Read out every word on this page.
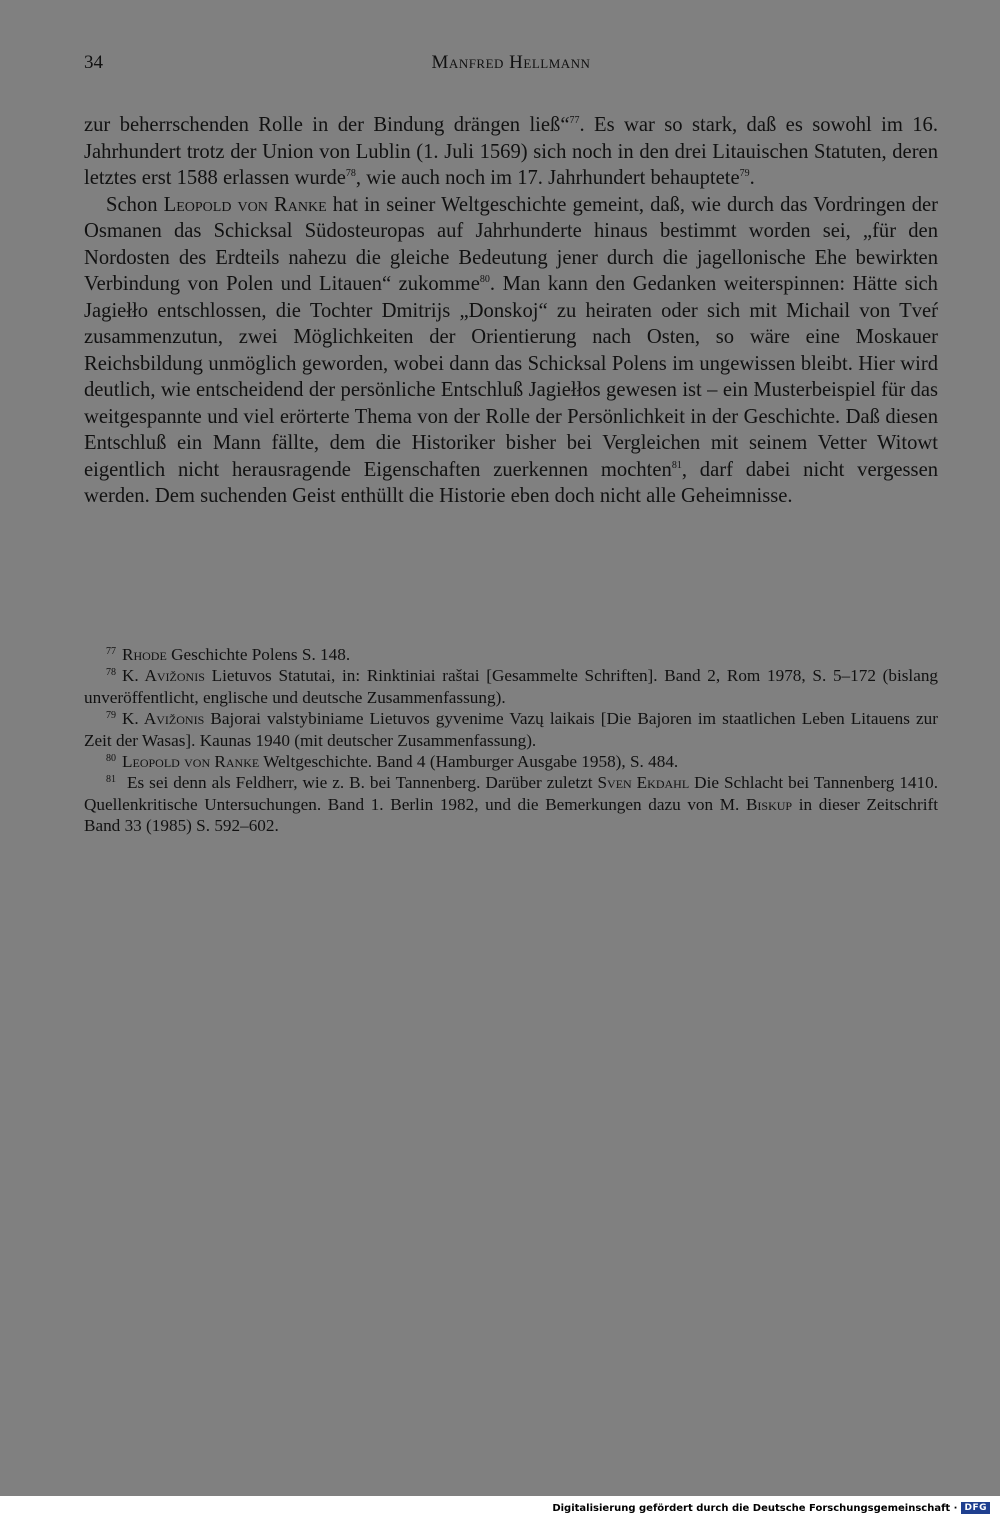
34	Manfred Hellmann

zur beherrschenden Rolle in der Bindung drängen ließ“$^{77}$. Es war so stark, daß es sowohl im 16. Jahrhundert trotz der Union von Lublin (1. Juli 1569) sich noch in den drei Litauischen Statuten, deren letztes erst 1588 erlassen wurde$^{78}$, wie auch noch im 17. Jahrhundert behauptete$^{79}$.

Schon Leopold von Ranke hat in seiner Weltgeschichte gemeint, daß, wie durch das Vordringen der Osmanen das Schicksal Südosteuropas auf Jahrhunderte hinaus bestimmt worden sei, „für den Nordosten des Erdteils nahezu die gleiche Bedeutung jener durch die jagellonische Ehe bewirkten Verbindung von Polen und Litauen“ zukomme$^{80}$. Man kann den Gedanken weiterspinnen: Hätte sich Jagiełło entschlossen, die Tochter Dmitrijs „Donskoj“ zu heiraten oder sich mit Michail von Tveŕ zusammenzutun, zwei Möglichkeiten der Orientierung nach Osten, so wäre eine Moskauer Reichsbildung unmöglich geworden, wobei dann das Schicksal Polens im ungewissen bleibt. Hier wird deutlich, wie entscheidend der persönliche Entschluß Jagiełłos gewesen ist – ein Musterbeispiel für das weitgespannte und viel erörterte Thema von der Rolle der Persönlichkeit in der Geschichte. Daß diesen Entschluß ein Mann fällte, dem die Historiker bisher bei Vergleichen mit seinem Vetter Witowt eigentlich nicht herausragende Eigenschaften zuerkennen mochten$^{81}$, darf dabei nicht vergessen werden. Dem suchenden Geist enthüllt die Historie eben doch nicht alle Geheimnisse.

$^{77}$ Rhode Geschichte Polens S. 148.

$^{78}$ K. Avižonis Lietuvos Statutai, in: Rinktiniai raštai [Gesammelte Schriften]. Band 2, Rom 1978, S. 5–172 (bislang unveröffentlicht, englische und deutsche Zusammenfassung).

$^{79}$ K. Avižonis Bajorai valstybiniame Lietuvos gyvenime Vazų laikais [Die Bajoren im staatlichen Leben Litauens zur Zeit der Wasas]. Kaunas 1940 (mit deutscher Zusammenfassung).

$^{80}$ Leopold von Ranke Weltgeschichte. Band 4 (Hamburger Ausgabe 1958), S. 484.

$^{81}$ Es sei denn als Feldherr, wie z. B. bei Tannenberg. Darüber zuletzt Sven Ekdahl Die Schlacht bei Tannenberg 1410. Quellenkritische Untersuchungen. Band 1. Berlin 1982, und die Bemerkungen dazu von M. Biskup in dieser Zeitschrift Band 33 (1985) S. 592–602.

Digitalisierung gefördert durch die Deutsche Forschungsgemeinschaft · DFG
